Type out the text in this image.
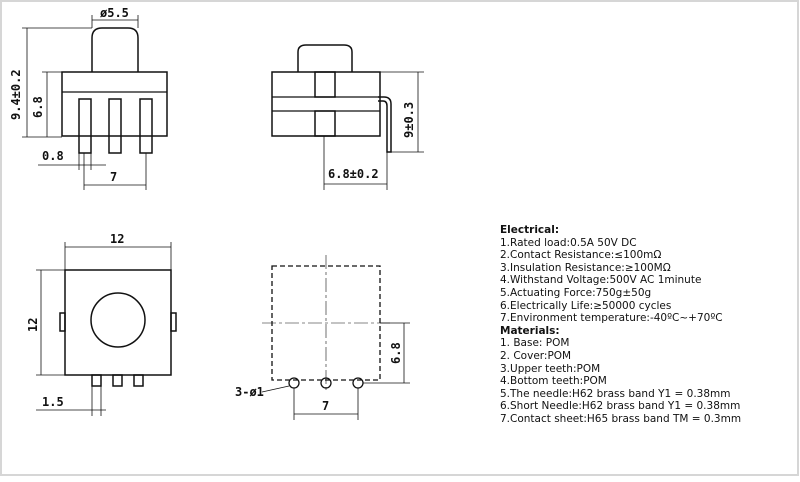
ø5.5
9.4±0.2 6.8
0.8
7
9±0.3
6.8±0.2
12
12
1.5
3-ø1
7
6.8
Electrical:
1.Rated load:0.5A 50V DC
2.Contact Resistance:≤100mΩ
3.Insulation Resistance:≥100MΩ
4.Withstand Voltage:500V AC 1minute
5.Actuating Force:750g±50g
6.Electrically Life:≥50000 cycles
7.Environment temperature:-40ºC~+70ºC
Materials:
1. Base: POM
2. Cover:POM
3.Upper teeth:POM
4.Bottom teeth:POM
5.The needle:H62 brass band Y1 = 0.38mm
6.Short Needle:H62 brass band Y1 = 0.38mm
7.Contact sheet:H65 brass band TM = 0.3mm
